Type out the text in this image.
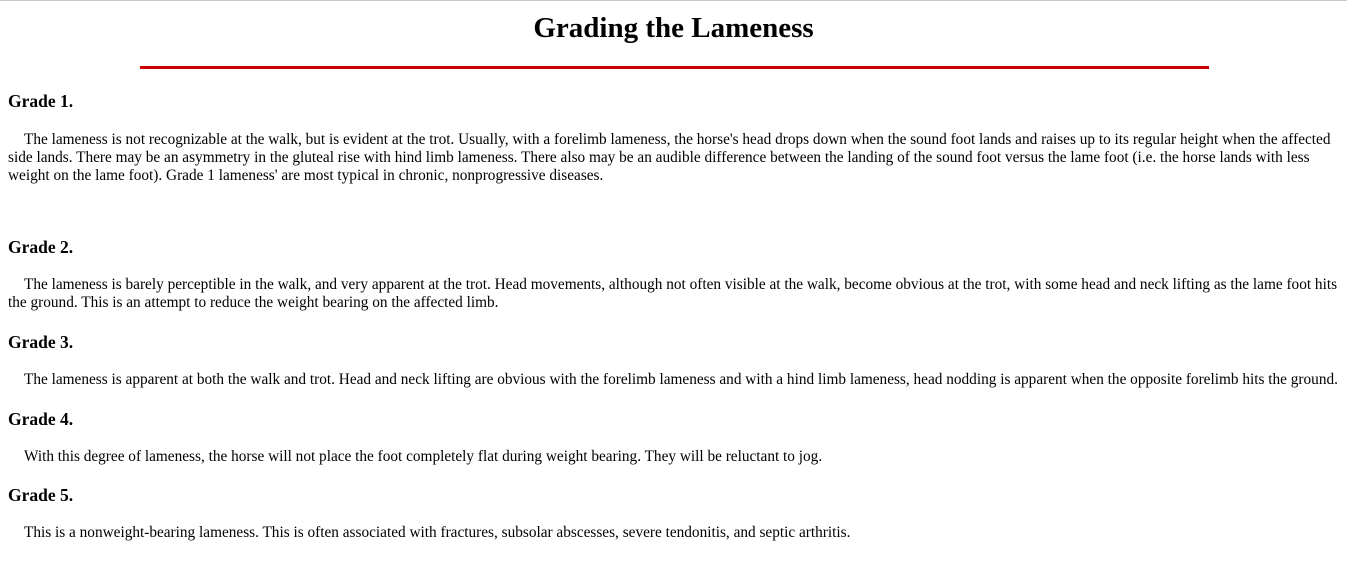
Grading the Lameness
Grade 1.

The lameness is not recognizable at the walk, but is evident at the trot. Usually, with a forelimb lameness, the horse's head drops down when the sound foot lands and raises up to its regular height when the affected side lands. There may be an asymmetry in the gluteal rise with hind limb lameness. There also may be an audible difference between the landing of the sound foot versus the lame foot (i.e. the horse lands with less weight on the lame foot). Grade 1 lameness' are most typical in chronic, nonprogressive diseases.

Grade 2.

The lameness is barely perceptible in the walk, and very apparent at the trot. Head movements, although not often visible at the walk, become obvious at the trot, with some head and neck lifting as the lame foot hits the ground. This is an attempt to reduce the weight bearing on the affected limb.

Grade 3.

The lameness is apparent at both the walk and trot. Head and neck lifting are obvious with the forelimb lameness and with a hind limb lameness, head nodding is apparent when the opposite forelimb hits the ground.

Grade 4.

With this degree of lameness, the horse will not place the foot completely flat during weight bearing. They will be reluctant to jog.

Grade 5.

This is a nonweight-bearing lameness. This is often associated with fractures, subsolar abscesses, severe tendonitis, and septic arthritis.
